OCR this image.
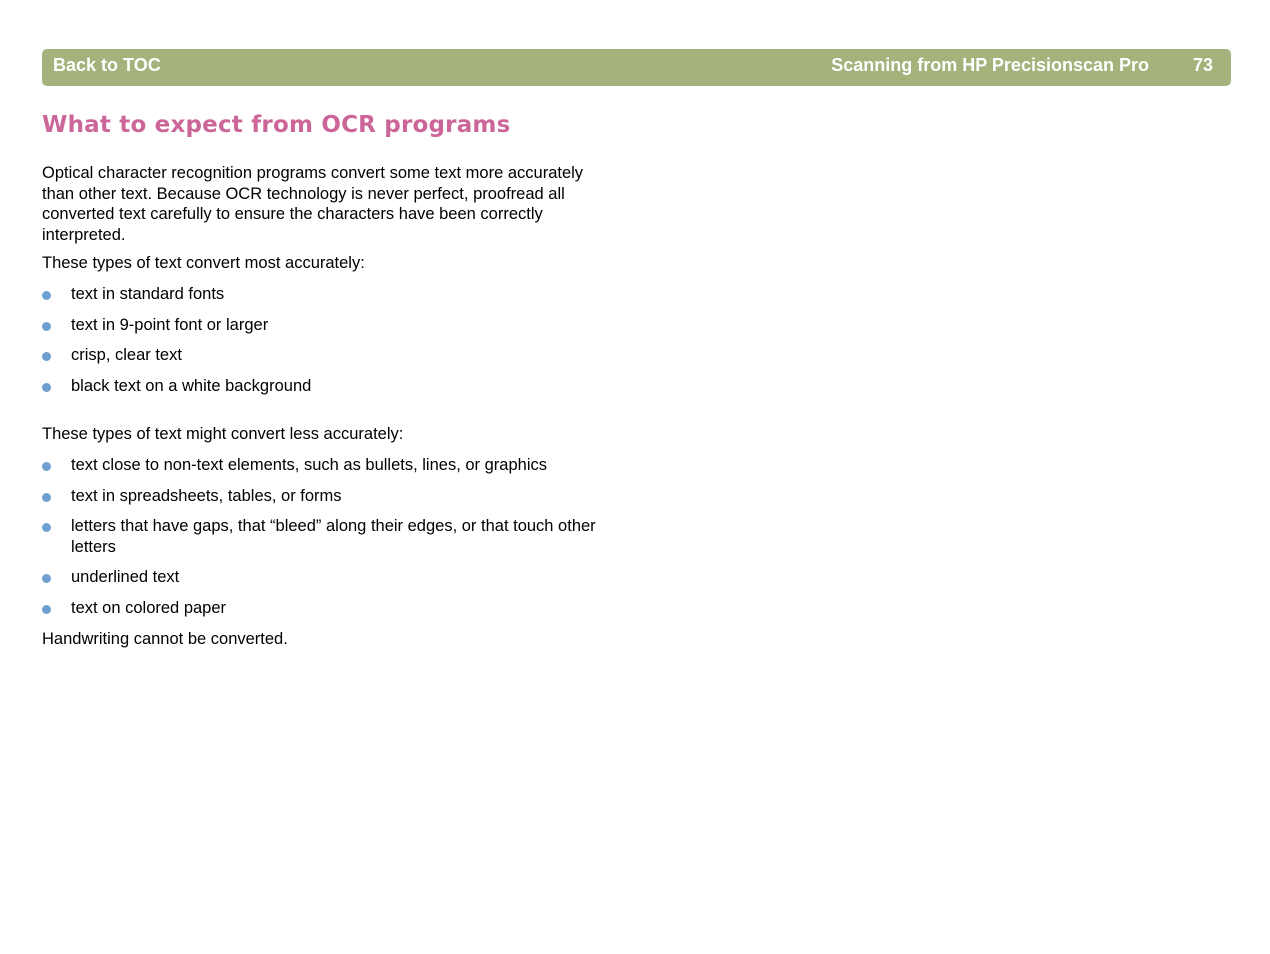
Back to TOC	Scanning from HP Precisionscan Pro 73
What to expect from OCR programs

Optical character recognition programs convert some text more accurately than other text. Because OCR technology is never perfect, proofread all converted text carefully to ensure the characters have been correctly interpreted.

These types of text convert most accurately:

text in standard fonts
text in 9-point font or larger
crisp, clear text
black text on a white background

These types of text might convert less accurately:

text close to non-text elements, such as bullets, lines, or graphics
text in spreadsheets, tables, or forms
letters that have gaps, that “bleed” along their edges, or that touch other letters
underlined text
text on colored paper

Handwriting cannot be converted.
